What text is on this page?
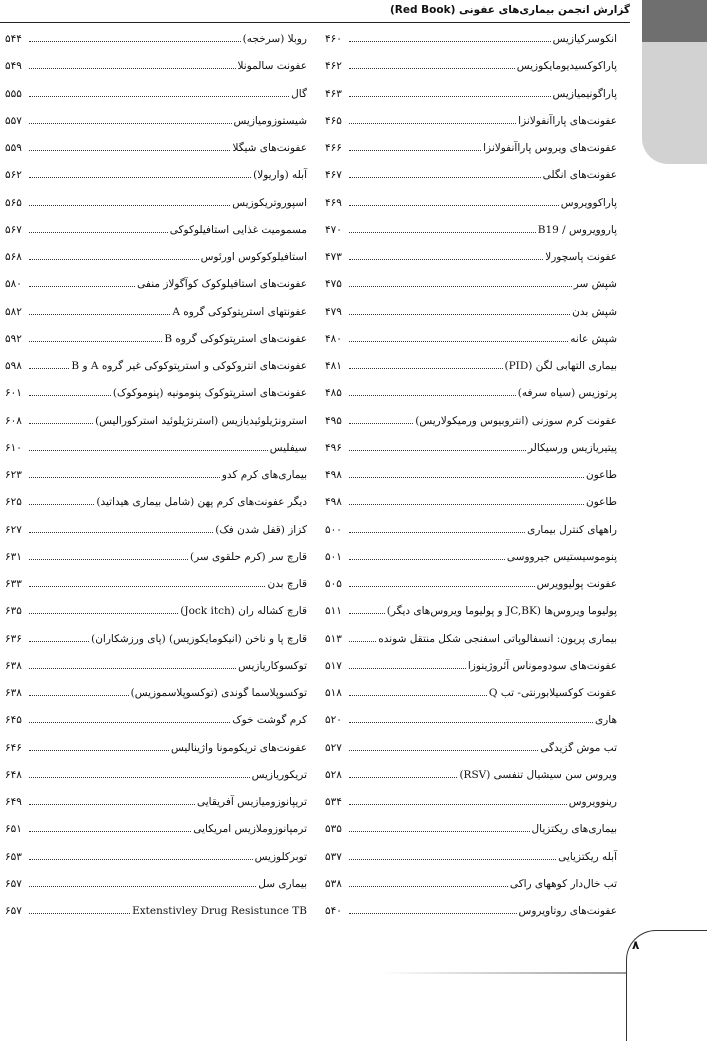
گزارش انجمن بیماری‌های عفونی (Red Book)
انکوسرکیازیس
۴۶۰
پاراکوکسیدیومایکوزیس
۴۶۲
پاراگونیمیازیس
۴۶۳
عفونت‌های پاراآنفولانزا
۴۶۵
عفونت‌های ویروس پاراآنفولانزا
۴۶۶
عفونت‌های انگلی
۴۶۷
پاراکوویروس
۴۶۹
پاروویروس / B19
۴۷۰
عفونت پاسچورلا
۴۷۳
شپش سر
۴۷۵
شپش بدن
۴۷۹
شپش عانه
۴۸۰
بیماری التهابی لگن (PID)
۴۸۱
پرتوزیس (سیاه سرفه)
۴۸۵
عفونت کرم سوزنی (انتروبیوس ورمیکولاریس)
۴۹۵
پیتیریازیس ورسیکالر
۴۹۶
طاعون
۴۹۸
طاعون
۴۹۸
راههای کنترل بیماری
۵۰۰
پنوموسیستیس جیرووسی
۵۰۱
عفونت پولیوویرس
۵۰۵
پولیوما ویروس‌ها (JC,BK و پولیوما ویروس‌های دیگر)
۵۱۱
بیماری پریون: انسفالوپاتی اسفنجی شکل منتقل شونده
۵۱۳
عفونت‌های سودوموناس آئروژینوزا
۵۱۷
عفونت کوکسیلابورنتی- تب Q
۵۱۸
هاری
۵۲۰
تب موش گزیدگی
۵۲۷
ویروس سن سیشیال تنفسی (RSV)
۵۲۸
رینوویروس
۵۳۴
بیماری‌های ریکتزیال
۵۳۵
آبله ریکتزیایی
۵۳۷
تب خال‌دار کوههای راکی
۵۳۸
عفونت‌های روتاویروس
۵۴۰
روبلا (سرخجه)
۵۴۴
عفونت سالمونلا
۵۴۹
گال
۵۵۵
شیستوزومیازیس
۵۵۷
عفونت‌های شیگلا
۵۵۹
آبله (واریولا)
۵۶۲
اسپوروتریکوزیس
۵۶۵
مسمومیت غذایی استافیلوکوکی
۵۶۷
استافیلوکوکوس اورئوس
۵۶۸
عفونت‌های استافیلوکوک کوآگولاز منفی
۵۸۰
عفونتهای استرپتوکوکی گروه A
۵۸۲
عفونت‌های استرپتوکوکی گروه B
۵۹۲
عفونت‌های انتروکوکی و استرپتوکوکی غیر گروه A و B
۵۹۸
عفونت‌های استرپتوکوک پنومونیه (پنوموکوک)
۶۰۱
استرونژیلوئیدیازیس (استرنژیلوئید استرکورالیس)
۶۰۸
سیفلیس
۶۱۰
بیماری‌های کرم کدو
۶۲۳
دیگر عفونت‌های کرم پهن (شامل بیماری هیداتید)
۶۲۵
کزاز (قفل شدن فک)
۶۲۷
قارچ سر (کرم حلقوی سر)
۶۳۱
قارچ بدن
۶۳۳
قارچ کشاله ران (Jock itch)
۶۳۵
قارچ پا و ناخن (انیکومایکوزیس) (پای ورزشکاران)
۶۳۶
توکسوکاریازیس
۶۳۸
توکسوپلاسما گوندی (توکسوپلاسموزیس)
۶۳۸
کرم گوشت خوک
۶۴۵
عفونت‌های تریکومونا واژینالیس
۶۴۶
تریکوریازیس
۶۴۸
تریپانوزومیازیس آفریقایی
۶۴۹
ترمپانوزوملازیس امریکایی
۶۵۱
توبرکلوزیس
۶۵۳
بیماری سل
۶۵۷
Extenstivley Drug Resistunce TB
۶۵۷
۸
